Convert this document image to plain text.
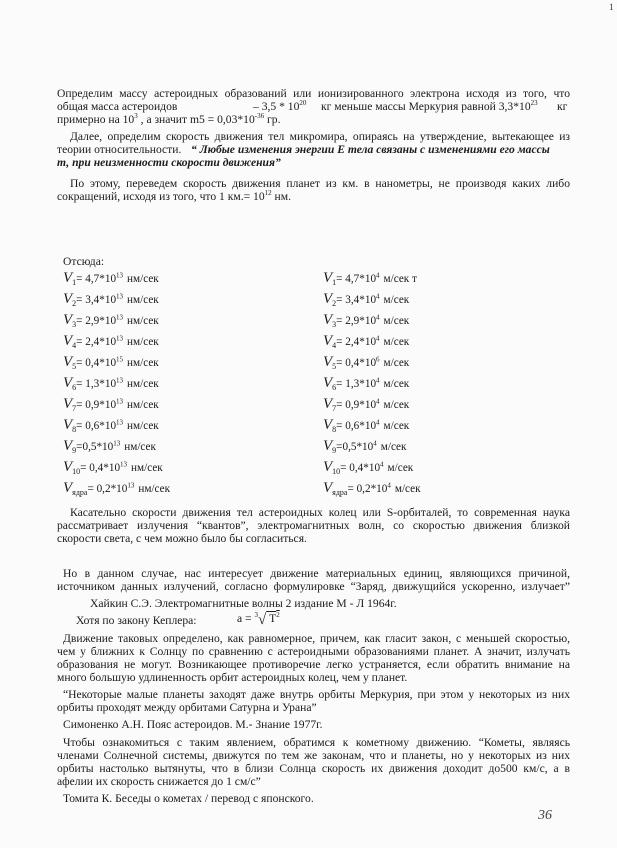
1
Определим массу астероидных образований или ионизированного электрона исходя из того, что
общая масса астероидов	– $3,5 * 10^{20}$ кг меньше массы Меркурия равной $3,3*10^{23}$ кг
примерно на $10^3$ , а значит $m5 = 0,03*10^{-36}$ гр.
Далее, определим скорость движения тел микромира, опираясь на утверждение, вытекающее из
теории относительности. “ Любые изменения энергии Е тела связаны с изменениями его массы
т, при неизменности скорости движения”
По этому, переведем скорость движения планет из км. в нанометры, не производя каких либо
сокращений, исходя из того, что 1 $км.= 10^{12}$ нм.
Отсюда:
$V_1= 4,7*10^{13}$ нм/сек
$V_2= 3,4*10^{13}$ нм/сек
$V_3= 2,9*10^{13}$ нм/сек
$V_4= 2,4*10^{13}$ нм/сек
$V_5= 0,4*10^{15}$ нм/сек
$V_6= 1,3*10^{13}$ нм/сек
$V_7= 0,9*10^{13}$ нм/сек
$V_8= 0,6*10^{13}$ нм/сек
$V_9=0,5*10^{13}$ нм/сек
$V_{10}= 0,4*10^{13}$ нм/сек
$V_{ядра}= 0,2*10^{13}$ нм/сек
$V_1= 4,7*10^4$ м/сек т
$V_2= 3,4*10^4$ м/сек
$V_3= 2,9*10^4$ м/сек
$V_4= 2,4*10^4$ м/сек
$V_5= 0,4*10^6$ м/сек
$V_6= 1,3*10^4$ м/сек
$V_7= 0,9*10^4$ м/сек
$V_8= 0,6*10^4$ м/сек
$V_9=0,5*10^4$ м/сек
$V_{10}= 0,4*10^4$ м/сек
$V_{ядра}= 0,2*10^4$ м/сек
Касательно скорости движения тел астероидных колец или S-орбиталей, то современная наука
рассматривает излучения “квантов”, электромагнитных волн, со скоростью движения близкой
скорости света, с чем можно было бы согласиться.
Но в данном случае, нас интересует движение материальных единиц, являющихся причиной,
источником данных излучений, согласно формулировке “Заряд, движущийся ускоренно, излучает”
Хайкин С.Э. Электромагнитные волны 2 издание М - Л 1964г.
Хотя по закону Кеплера:	a = $^3$√ $T^2$
Движение таковых определено, как равномерное, причем, как гласит закон, с меньшей скоростью,
чем у ближних к Солнцу по сравнению с астероидными образованиями планет. А значит, излучать
образования не могут. Возникающее противоречие легко устраняется, если обратить внимание на
много большую удлиненность орбит астероидных колец, чем у планет.
“Некоторые малые планеты заходят даже внутрь орбиты Меркурия, при этом у некоторых из них
орбиты проходят между орбитами Сатурна и Урана”
Симоненко А.Н. Пояс астероидов. М.- Знание 1977г.
Чтобы ознакомиться с таким явлением, обратимся к кометному движению. “Кометы, являясь
членами Солнечной системы, движутся по тем же законам, что и планеты, но у некоторых из них
орбиты настолько вытянуты, что в близи Солнца скорость их движения доходит до500 км/с, а в
афелии их скорость снижается до 1 см/с”
Томита К. Беседы о кометах / перевод с японского.
36
